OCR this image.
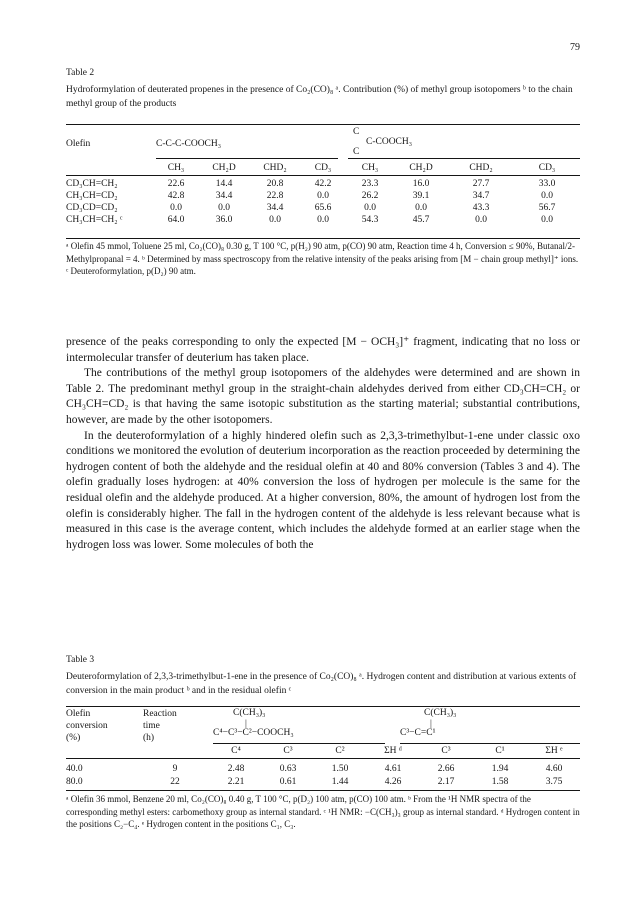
79
Table 2
Hydroformylation of deuterated propenes in the presence of Co₂(CO)₈ ᵃ. Contribution (%) of methyl group isotopomers ᵇ to the chain methyl group of the products
Olefin	C-C-C-COOCH₃
C
C-COOCH₃
C
	CH₃	CH₂D	CHD₂	CD₃	CH₃	CH₂D	CHD₂	CD₃

CD₃CH=CH₂	22.6	14.4	20.8	42.2	23.3	16.0	27.7	33.0
CH₃CH=CD₂	42.8	34.4	22.8	0.0	26.2	39.1	34.7	0.0
CD₃CD=CD₂	0.0	0.0	34.4	65.6	0.0	0.0	43.3	56.7
CH₃CH=CH₂ ᶜ	64.0	36.0	0.0	0.0	54.3	45.7	0.0	0.0
ᵃ Olefin 45 mmol, Toluene 25 ml, Co₂(CO)₈ 0.30 g, T 100 °C, p(H₂) 90 atm, p(CO) 90 atm, Reaction time 4 h, Conversion ≤ 90%, Butanal/2-Methylpropanal = 4. ᵇ Determined by mass spectroscopy from the relative intensity of the peaks arising from [M − chain group methyl]⁺ ions. ᶜ Deuteroformylation, p(D₂) 90 atm.

presence of the peaks corresponding to only the expected [M − OCH₃]⁺ fragment, indicating that no loss or intermolecular transfer of deuterium has taken place.

The contributions of the methyl group isotopomers of the aldehydes were determined and are shown in Table 2. The predominant methyl group in the straight-chain aldehydes derived from either CD₃CH=CH₂ or CH₃CH=CD₂ is that having the same isotopic substitution as the starting material; substantial contributions, however, are made by the other isotopomers.

In the deuteroformylation of a highly hindered olefin such as 2,3,3-trimethylbut-1-ene under classic oxo conditions we monitored the evolution of deuterium incorporation as the reaction proceeded by determining the hydrogen content of both the aldehyde and the residual olefin at 40 and 80% conversion (Tables 3 and 4). The olefin gradually loses hydrogen: at 40% conversion the loss of hydrogen per molecule is the same for the residual olefin and the aldehyde produced. At a higher conversion, 80%, the amount of hydrogen lost from the olefin is considerably higher. The fall in the hydrogen content of the aldehyde is less relevant because what is measured in this case is the average content, which includes the aldehyde formed at an earlier stage when the hydrogen loss was lower. Some molecules of both the

Table 3
Deuteroformylation of 2,3,3-trimethylbut-1-ene in the presence of Co₂(CO)₈ ᵃ. Hydrogen content and distribution at various extents of conversion in the main product ᵇ and in the residual olefin ᶜ
Olefin
conversion
(%)
Reaction
time
(h)
C(CH₃)₃
|
C⁴−C³−C²−COOCH₃
C(CH₃)₃
|
C³−C=C¹
		C⁴	C³	C²	ΣH ᵈ	C³	C¹	ΣH ᵉ

40.0	9	2.48	0.63	1.50	4.61	2.66	1.94	4.60
80.0	22	2.21	0.61	1.44	4.26	2.17	1.58	3.75
ᵃ Olefin 36 mmol, Benzene 20 ml, Co₂(CO)₈ 0.40 g, T 100 °C, p(D₂) 100 atm, p(CO) 100 atm. ᵇ From the ¹H NMR spectra of the corresponding methyl esters: carbomethoxy group as internal standard. ᶜ ¹H NMR: −C(CH₃)₃ group as internal standard. ᵈ Hydrogen content in the positions C₂−C₄. ᵉ Hydrogen content in the positions C₁, C₃.
